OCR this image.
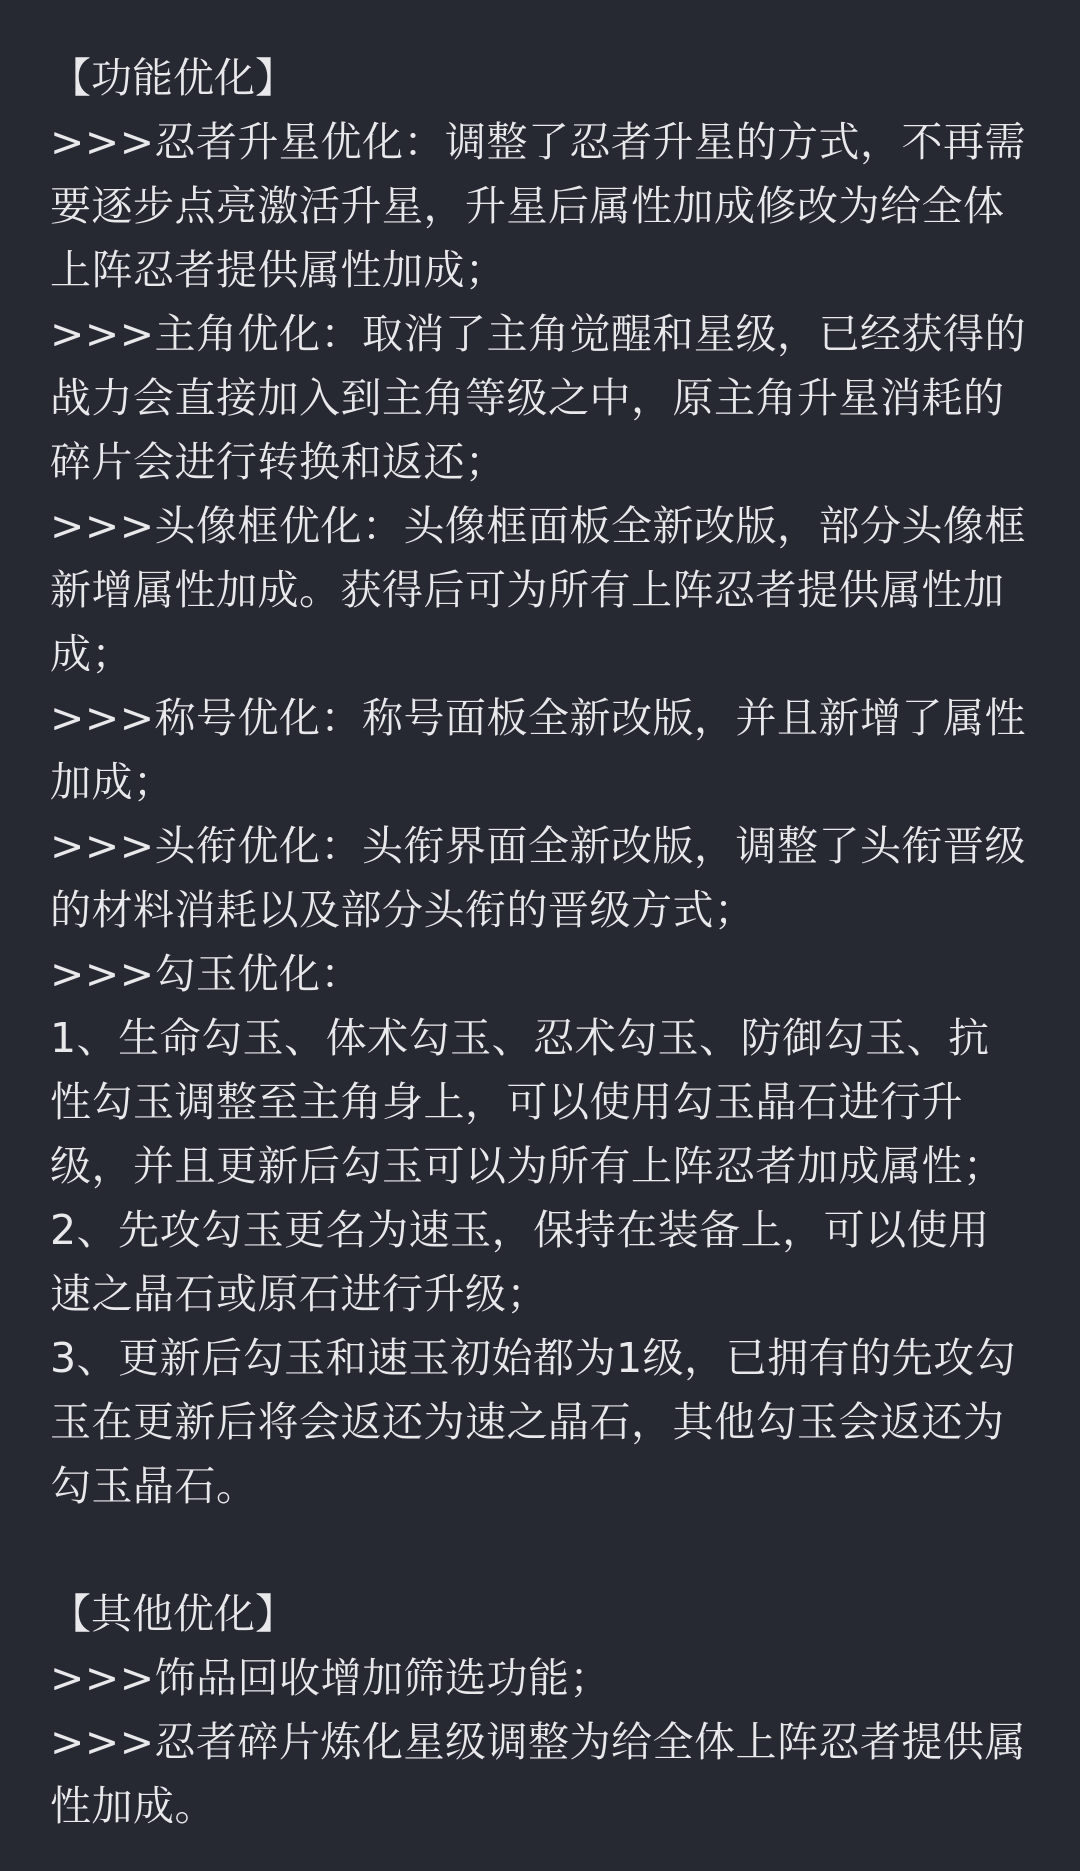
【功能优化】
>>>忍者升星优化：调整了忍者升星的方式，不再需
要逐步点亮激活升星，升星后属性加成修改为给全体
上阵忍者提供属性加成；
>>>主角优化：取消了主角觉醒和星级，已经获得的
战力会直接加入到主角等级之中，原主角升星消耗的
碎片会进行转换和返还；
>>>头像框优化：头像框面板全新改版，部分头像框
新增属性加成。获得后可为所有上阵忍者提供属性加
成；
>>>称号优化：称号面板全新改版，并且新增了属性
加成；
>>>头衔优化：头衔界面全新改版，调整了头衔晋级
的材料消耗以及部分头衔的晋级方式；
>>>勾玉优化：
1、生命勾玉、体术勾玉、忍术勾玉、防御勾玉、抗
性勾玉调整至主角身上，可以使用勾玉晶石进行升
级，并且更新后勾玉可以为所有上阵忍者加成属性；
2、先攻勾玉更名为速玉，保持在装备上，可以使用
速之晶石或原石进行升级；
3、更新后勾玉和速玉初始都为1级，已拥有的先攻勾
玉在更新后将会返还为速之晶石，其他勾玉会返还为
勾玉晶石。
【其他优化】
>>>饰品回收增加筛选功能；
>>>忍者碎片炼化星级调整为给全体上阵忍者提供属
性加成。
